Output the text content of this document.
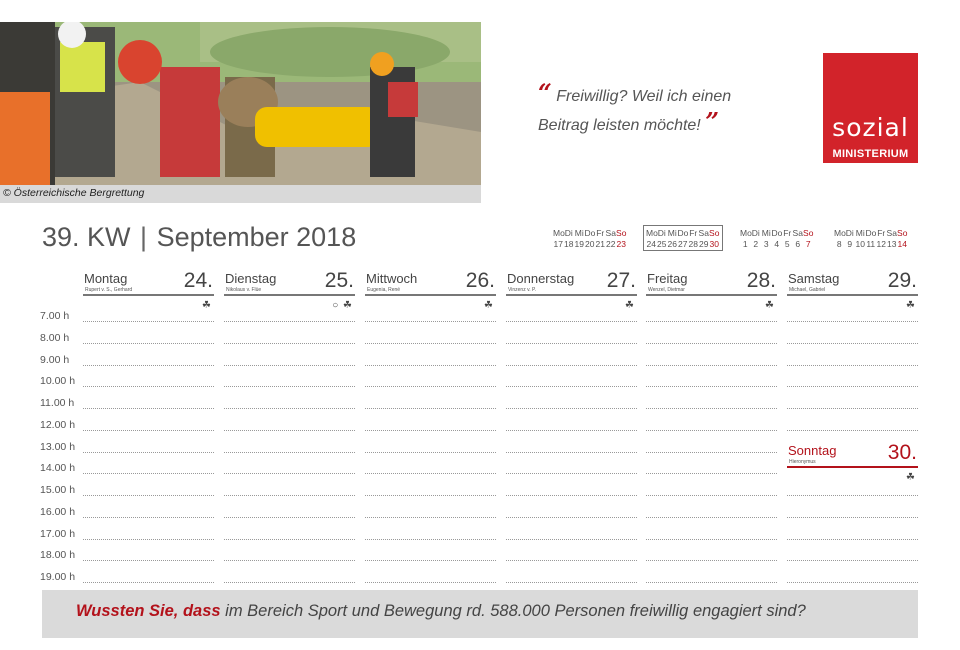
© Österreichische Bergrettung
“ Freiwillig? Weil ich einen
Beitrag leisten möchte! ”	sozial
MINISTERIUM
39. KW | September 2018	Mo Di Mi Do Fr Sa So
17 18 19 20 21 22 23
Mo Di Mi Do Fr Sa So
24 25 26 27 28 29 30
Mo Di Mi Do Fr Sa So
1 2 3 4 5 6 7
Mo Di Mi Do Fr Sa So
8 9 10 11 12 13 14
Montag	24.
Rupert v. S., Gerhard
☘
Dienstag 25.
Nikolaus v. Flüe
○ ☘
Mittwoch 26.
Eugenia, René
☘
Donnerstag 27.
Vinzenz v. P.
☘
Freitag	28.
Wenzel, Dietmar
☘
Samstag 29.
Michael, Gabriel
☘
Sonntag 30.
Hieronymus
☘
7.00 h
8.00 h
9.00 h
10.00 h
11.00 h
12.00 h
13.00 h
14.00 h
15.00 h
16.00 h
17.00 h
18.00 h
19.00 h

Wussten Sie, dass im Bereich Sport und Bewegung rd. 588.000 Personen freiwillig engagiert sind?
